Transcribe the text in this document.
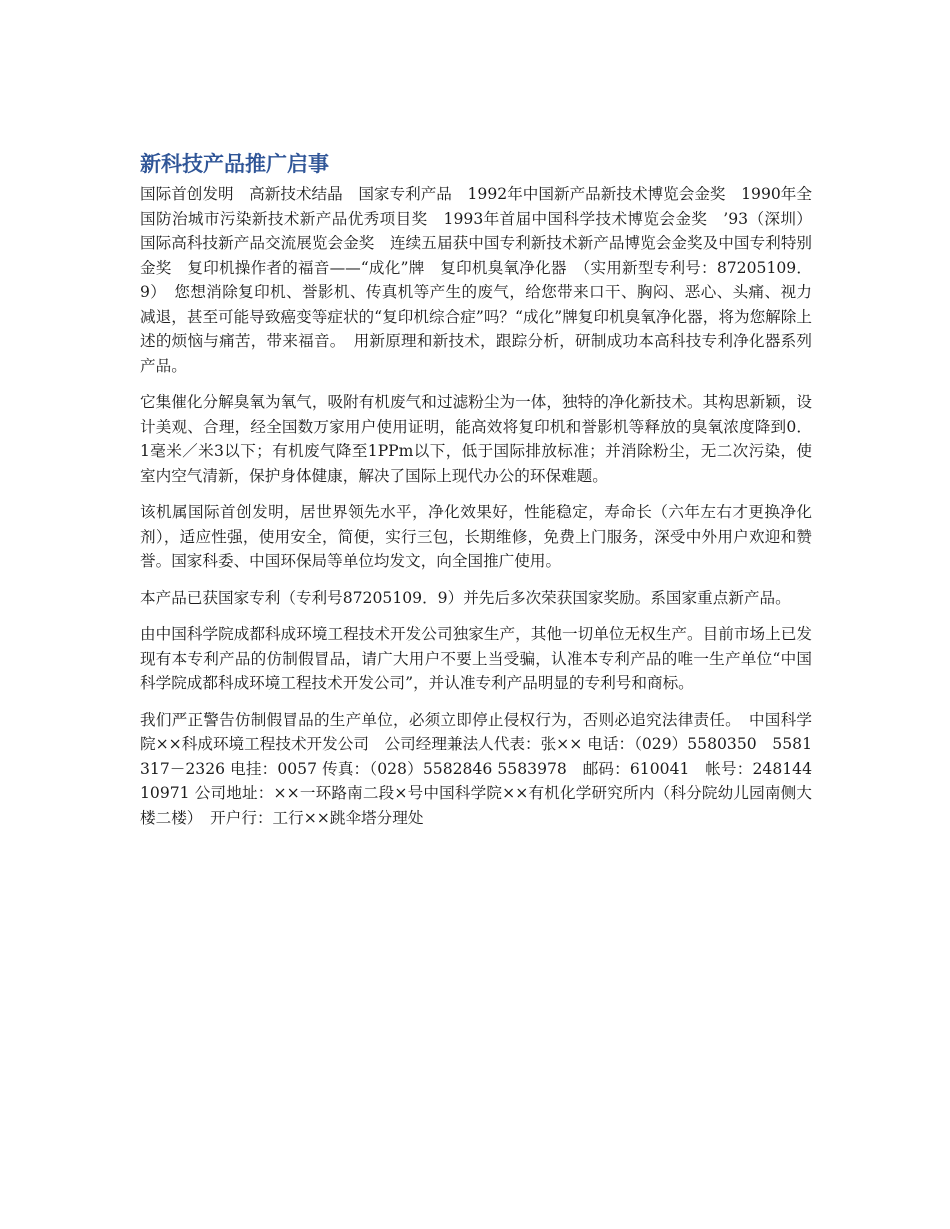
新科技产品推广启事

国际首创发明　高新技术结晶　国家专利产品　1992年中国新产品新技术博览会金奖　1990年全国防治城市污染新技术新产品优秀项目奖　1993年首届中国科学技术博览会金奖　’93（深圳）国际高科技新产品交流展览会金奖　连续五届获中国专利新技术新产品博览会金奖及中国专利特别金奖　复印机操作者的福音——“成化”牌　复印机臭氧净化器　（实用新型专利号：87205109．9）　您想消除复印机、誉影机、传真机等产生的废气，给您带来口干、胸闷、恶心、头痛、视力减退，甚至可能导致癌变等症状的“复印机综合症”吗？“成化”牌复印机臭氧净化器，将为您解除上述的烦恼与痛苦，带来福音。　用新原理和新技术，跟踪分析，研制成功本高科技专利净化器系列产品。

它集催化分解臭氧为氧气，吸附有机废气和过滤粉尘为一体，独特的净化新技术。其构思新颖，设计美观、合理，经全国数万家用户使用证明，能高效将复印机和誉影机等释放的臭氧浓度降到0．1毫米／米3以下；有机废气降至1PPm以下，低于国际排放标准；并消除粉尘，无二次污染，使室内空气清新，保护身体健康，解决了国际上现代办公的环保难题。

该机属国际首创发明，居世界领先水平，净化效果好，性能稳定，寿命长（六年左右才更换净化剂），适应性强，使用安全，简便，实行三包，长期维修，免费上门服务，深受中外用户欢迎和赞誉。国家科委、中国环保局等单位均发文，向全国推广使用。

本产品已获国家专利（专利号87205109．9）并先后多次荣获国家奖励。系国家重点新产品。

由中国科学院成都科成环境工程技术开发公司独家生产，其他一切单位无权生产。目前市场上已发现有本专利产品的仿制假冒品，请广大用户不要上当受骗，认准本专利产品的唯一生产单位“中国科学院成都科成环境工程技术开发公司”，并认准专利产品明显的专利号和商标。

我们严正警告仿制假冒品的生产单位，必须立即停止侵权行为，否则必追究法律责任。　中国科学院××科成环境工程技术开发公司　公司经理兼法人代表：张×× 电话：（029）5580350　5581317－2326 电挂：0057 传真：（028）5582846 5583978　邮码：610041　帐号：24814410971 公司地址：××一环路南二段×号中国科学院××有机化学研究所内（科分院幼儿园南侧大楼二楼）　开户行：工行××跳伞塔分理处
